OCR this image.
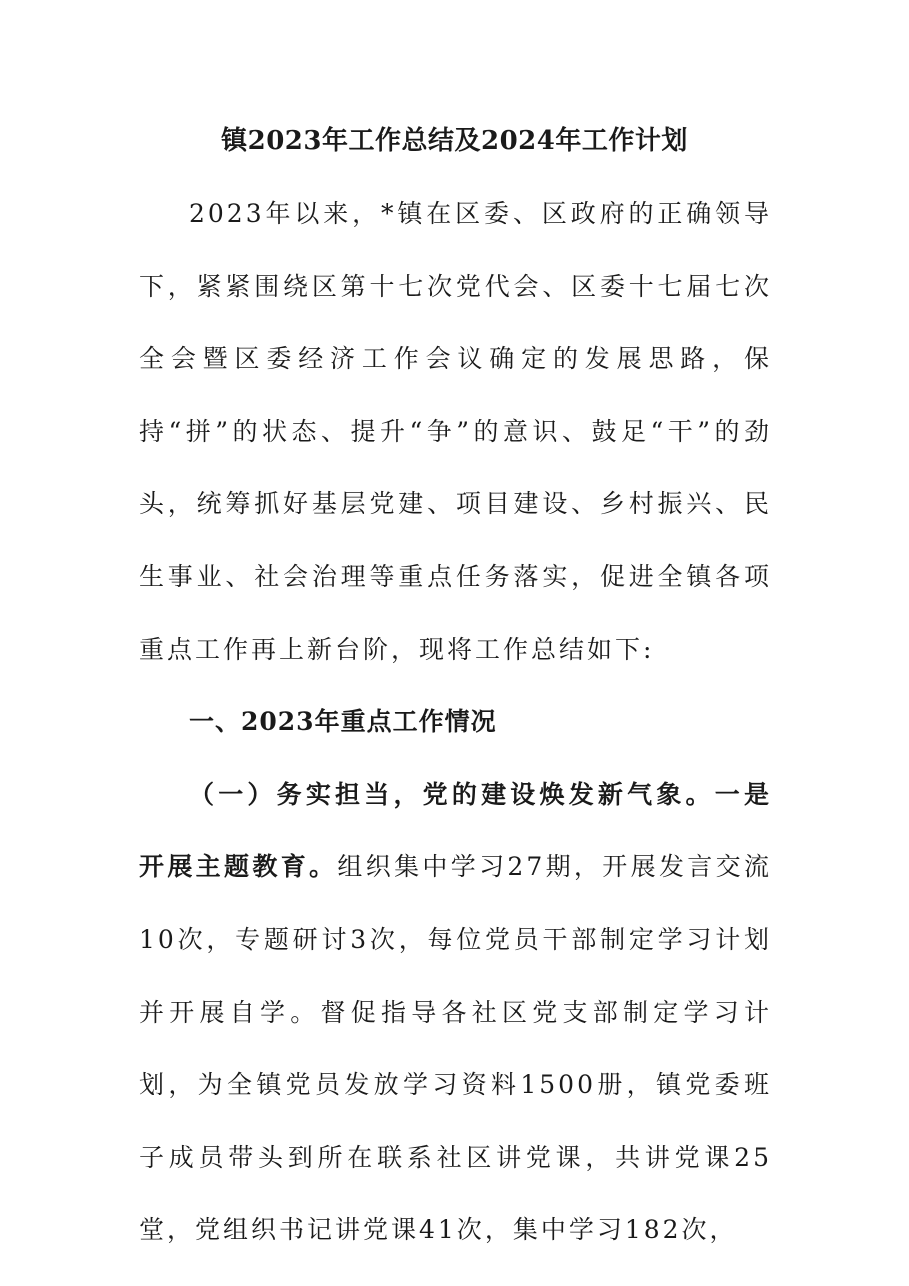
镇2023年工作总结及2024年工作计划

2023年以来，*镇在区委、区政府的正确领导下，紧紧围绕区第十七次党代会、区委十七届七次全会暨区委经济工作会议确定的发展思路，保持“拼”的状态、提升“争”的意识、鼓足“干”的劲头，统筹抓好基层党建、项目建设、乡村振兴、民生事业、社会治理等重点任务落实，促进全镇各项重点工作再上新台阶，现将工作总结如下:

一、2023年重点工作情况

（一）务实担当，党的建设焕发新气象。一是开展主题教育。组织集中学习27期，开展发言交流10次，专题研讨3次，每位党员干部制定学习计划并开展自学。督促指导各社区党支部制定学习计划，为全镇党员发放学习资料1500册，镇党委班子成员带头到所在联系社区讲党课，共讲党课25堂，党组织书记讲党课41次，集中学习182次，
